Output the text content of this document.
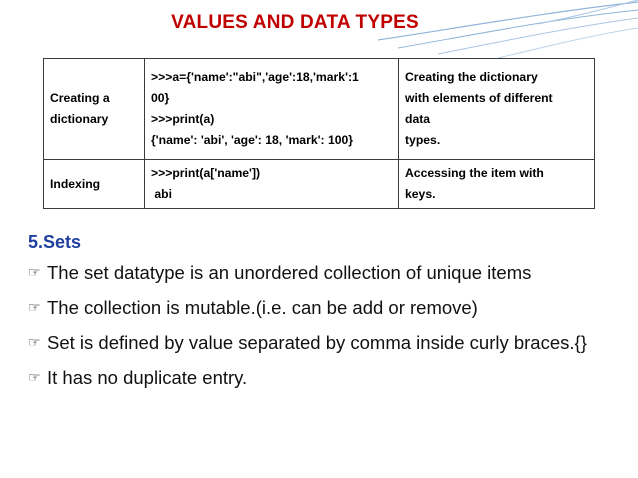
VALUES AND DATA TYPES
Creating a dictionary	>>>a={'name':"abi",'age':18,'mark':1
00}
>>>print(a)
{'name': 'abi', 'age': 18, 'mark': 100}	Creating the dictionary
with elements of different
data
types.

Indexing	>>>print(a['name'])
abi	Accessing the item with
keys.
5.Sets
☞ The set datatype is an unordered collection of unique items
☞ The collection is mutable.(i.e. can be add or remove)
☞ Set is defined by value separated by comma inside curly braces.{}
☞ It has no duplicate entry.
